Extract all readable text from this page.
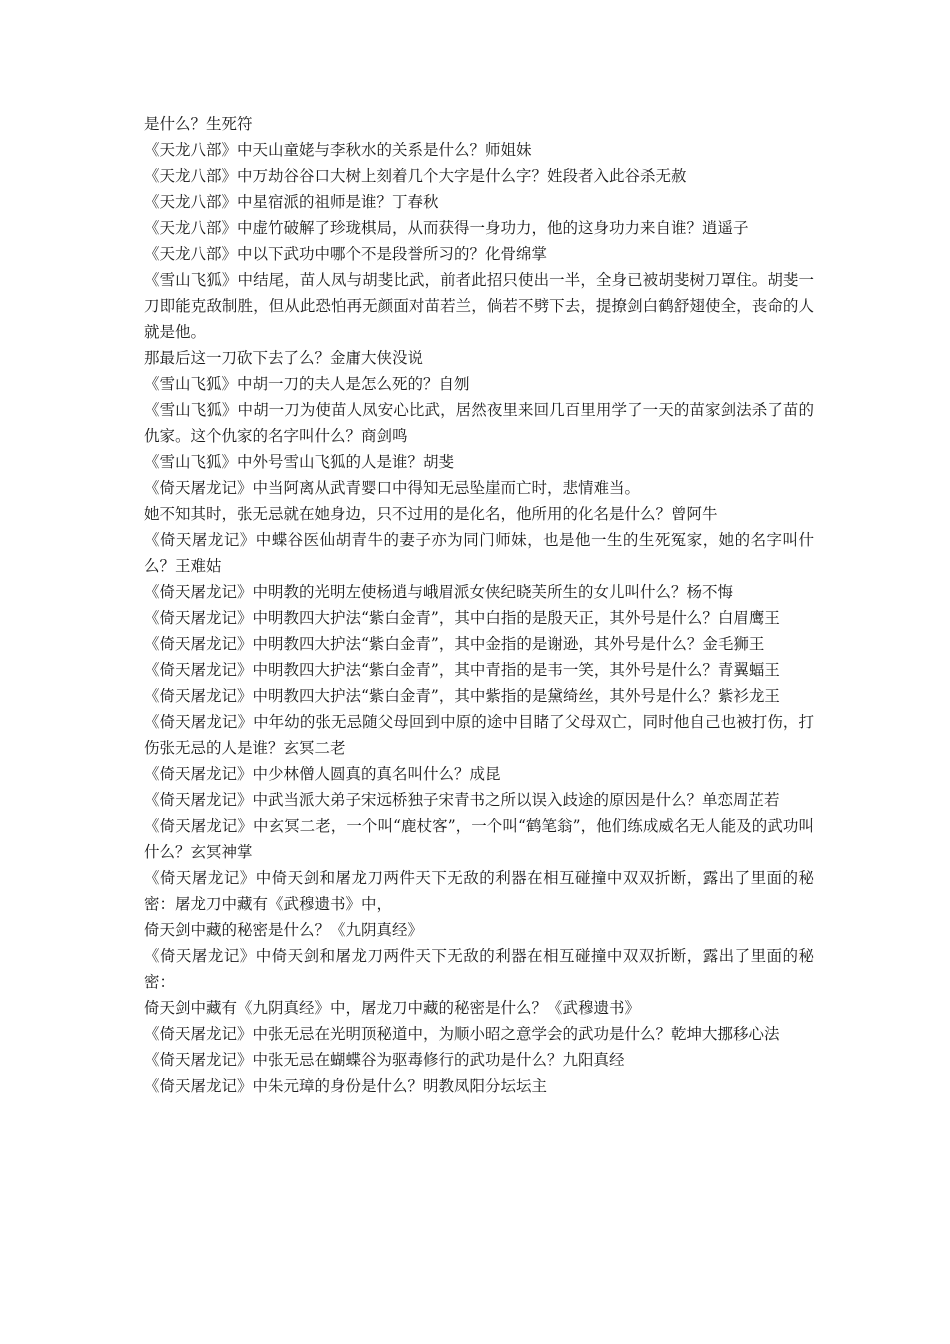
是什么？生死符

《天龙八部》中天山童姥与李秋水的关系是什么？师姐妹

《天龙八部》中万劫谷谷口大树上刻着几个大字是什么字？姓段者入此谷杀无赦

《天龙八部》中星宿派的祖师是谁？丁春秋

《天龙八部》中虚竹破解了珍珑棋局，从而获得一身功力，他的这身功力来自谁？逍遥子

《天龙八部》中以下武功中哪个不是段誉所习的？化骨绵掌

《雪山飞狐》中结尾，苗人凤与胡斐比武，前者此招只使出一半，全身已被胡斐树刀罩住。胡斐一刀即能克敌制胜，但从此恐怕再无颜面对苗若兰，倘若不劈下去，提撩剑白鹤舒翅使全，丧命的人就是他。

那最后这一刀砍下去了么？金庸大侠没说

《雪山飞狐》中胡一刀的夫人是怎么死的？自刎

《雪山飞狐》中胡一刀为使苗人凤安心比武，居然夜里来回几百里用学了一天的苗家剑法杀了苗的仇家。这个仇家的名字叫什么？商剑鸣

《雪山飞狐》中外号雪山飞狐的人是谁？胡斐

《倚天屠龙记》中当阿离从武青婴口中得知无忌坠崖而亡时，悲情难当。

她不知其时，张无忌就在她身边，只不过用的是化名，他所用的化名是什么？曾阿牛

《倚天屠龙记》中蝶谷医仙胡青牛的妻子亦为同门师妹，也是他一生的生死冤家，她的名字叫什么？王难姑

《倚天屠龙记》中明教的光明左使杨逍与峨眉派女侠纪晓芙所生的女儿叫什么？杨不悔

《倚天屠龙记》中明教四大护法“紫白金青”，其中白指的是殷天正，其外号是什么？白眉鹰王

《倚天屠龙记》中明教四大护法“紫白金青”，其中金指的是谢逊，其外号是什么？金毛狮王

《倚天屠龙记》中明教四大护法“紫白金青”，其中青指的是韦一笑，其外号是什么？青翼蝠王

《倚天屠龙记》中明教四大护法“紫白金青”，其中紫指的是黛绮丝，其外号是什么？紫衫龙王

《倚天屠龙记》中年幼的张无忌随父母回到中原的途中目睹了父母双亡，同时他自己也被打伤，打伤张无忌的人是谁？玄冥二老

《倚天屠龙记》中少林僧人圆真的真名叫什么？成昆

《倚天屠龙记》中武当派大弟子宋远桥独子宋青书之所以误入歧途的原因是什么？单恋周芷若

《倚天屠龙记》中玄冥二老，一个叫“鹿杖客”，一个叫“鹤笔翁”，他们练成威名无人能及的武功叫什么？玄冥神掌

《倚天屠龙记》中倚天剑和屠龙刀两件天下无敌的利器在相互碰撞中双双折断，露出了里面的秘密：屠龙刀中藏有《武穆遗书》中，

倚天剑中藏的秘密是什么？《九阴真经》

《倚天屠龙记》中倚天剑和屠龙刀两件天下无敌的利器在相互碰撞中双双折断，露出了里面的秘密：

倚天剑中藏有《九阴真经》中，屠龙刀中藏的秘密是什么？《武穆遗书》

《倚天屠龙记》中张无忌在光明顶秘道中，为顺小昭之意学会的武功是什么？乾坤大挪移心法

《倚天屠龙记》中张无忌在蝴蝶谷为驱毒修行的武功是什么？九阳真经

《倚天屠龙记》中朱元璋的身份是什么？明教凤阳分坛坛主
